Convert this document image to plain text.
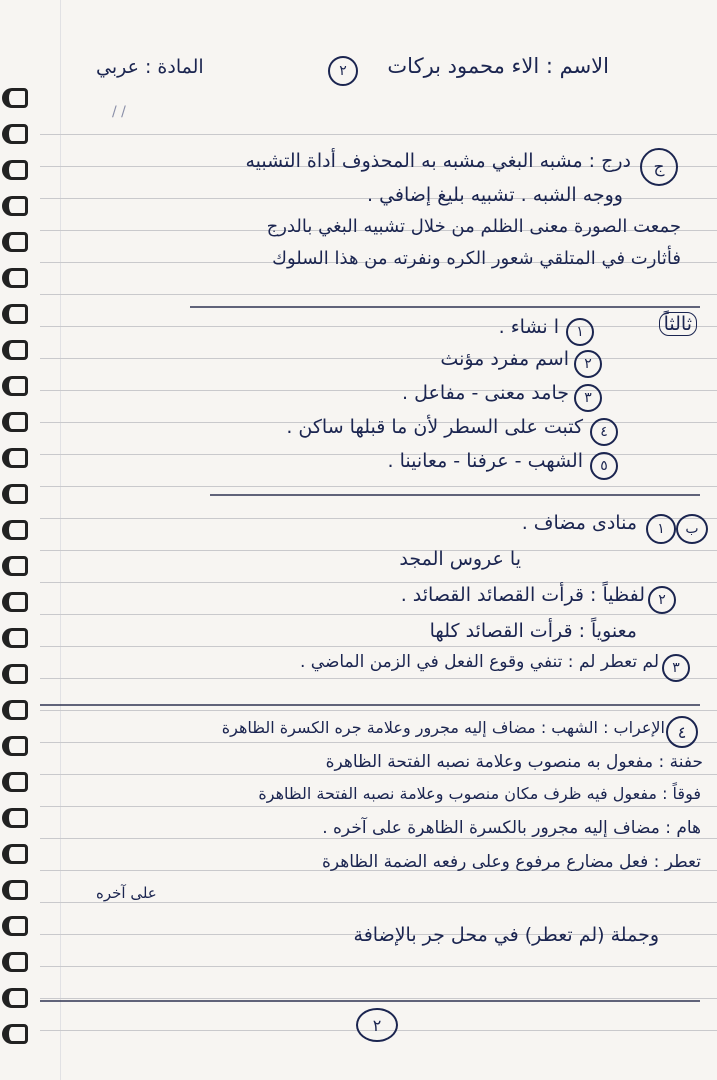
الاسم : الاء محمود بركات
٢
المادة : عربي
/ /
ج
درج : مشبه البغي مشبه به المحذوف أداة التشبيه
ووجه الشبه . تشبيه بليغ إضافي .
جمعت الصورة معنى الظلم من خلال تشبيه البغي بالدرج
فأثارت في المتلقي شعور الكره ونفرته من هذا السلوك
ثالثاً
١
ا نشاء .
٢
اسم مفرد مؤنث
٣
جامد معنى - مفاعل .
٤
كتبت على السطر لأن ما قبلها ساكن .
٥
الشهب - عرفنا - معانينا .
ب
١
منادى مضاف .
يا عروس المجد
٢
لفظياً : قرأت القصائد القصائد .
معنوياً : قرأت القصائد كلها
٣
لم تعطر لم : تنفي وقوع الفعل في الزمن الماضي .
٤
الإعراب : الشهب : مضاف إليه مجرور وعلامة جره الكسرة الظاهرة
حفنة : مفعول به منصوب وعلامة نصبه الفتحة الظاهرة
فوقاً : مفعول فيه ظرف مكان منصوب وعلامة نصبه الفتحة الظاهرة
هام : مضاف إليه مجرور بالكسرة الظاهرة على آخره .
تعطر : فعل مضارع مرفوع وعلى رفعه الضمة الظاهرة
على آخره
وجملة (لم تعطر) في محل جر بالإضافة
٢
